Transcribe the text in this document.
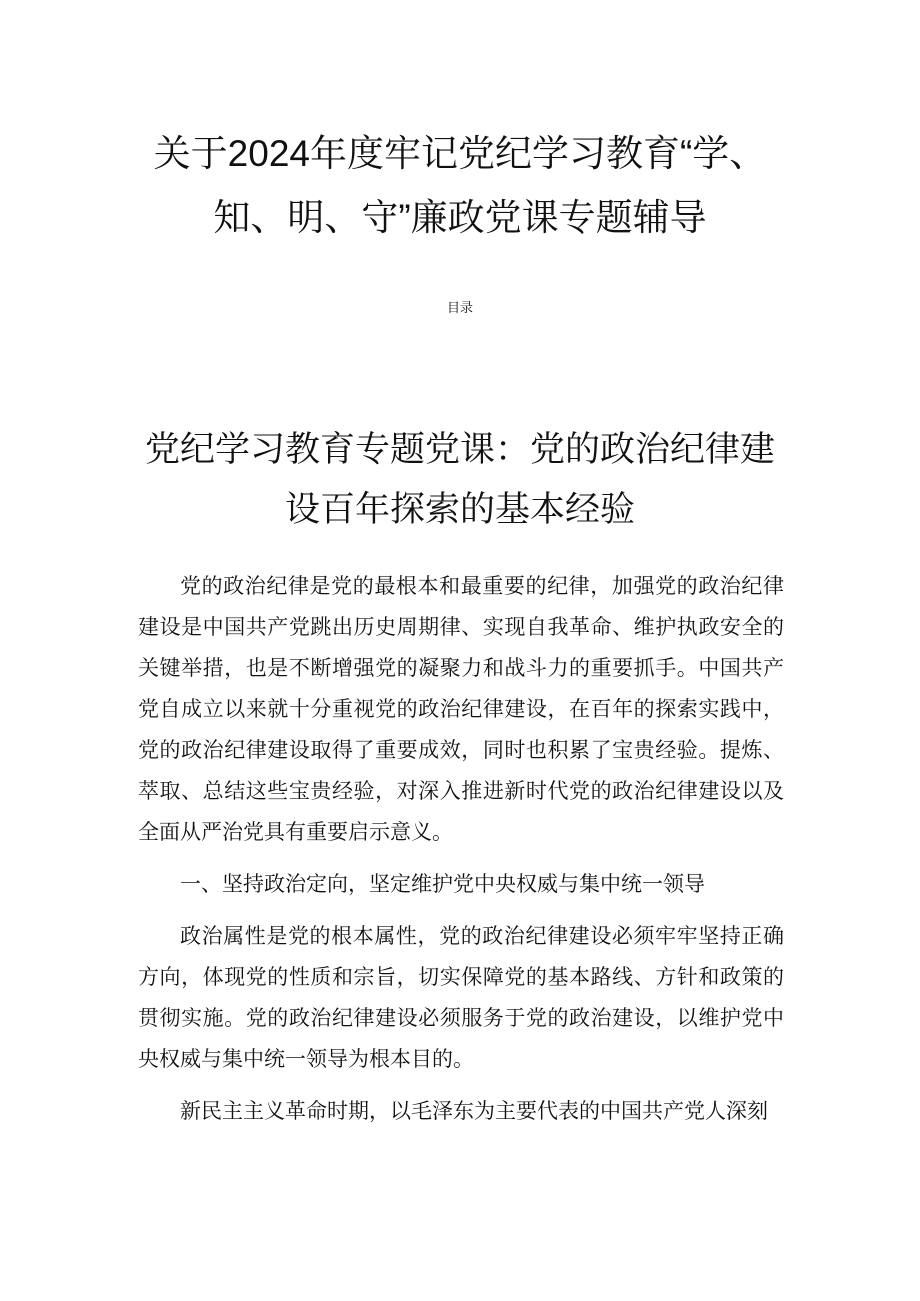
关于2024年度牢记党纪学习教育“学、
知、明、守”廉政党课专题辅导
目录
党纪学习教育专题党课：党的政治纪律建
设百年探索的基本经验

党的政治纪律是党的最根本和最重要的纪律，加强党的政治纪律建设是中国共产党跳出历史周期律、实现自我革命、维护执政安全的关键举措，也是不断增强党的凝聚力和战斗力的重要抓手。中国共产党自成立以来就十分重视党的政治纪律建设，在百年的探索实践中，党的政治纪律建设取得了重要成效，同时也积累了宝贵经验。提炼、萃取、总结这些宝贵经验，对深入推进新时代党的政治纪律建设以及全面从严治党具有重要启示意义。

一、坚持政治定向，坚定维护党中央权威与集中统一领导

政治属性是党的根本属性，党的政治纪律建设必须牢牢坚持正确方向，体现党的性质和宗旨，切实保障党的基本路线、方针和政策的贯彻实施。党的政治纪律建设必须服务于党的政治建设，以维护党中央权威与集中统一领导为根本目的。

新民主主义革命时期，以毛泽东为主要代表的中国共产党人深刻
